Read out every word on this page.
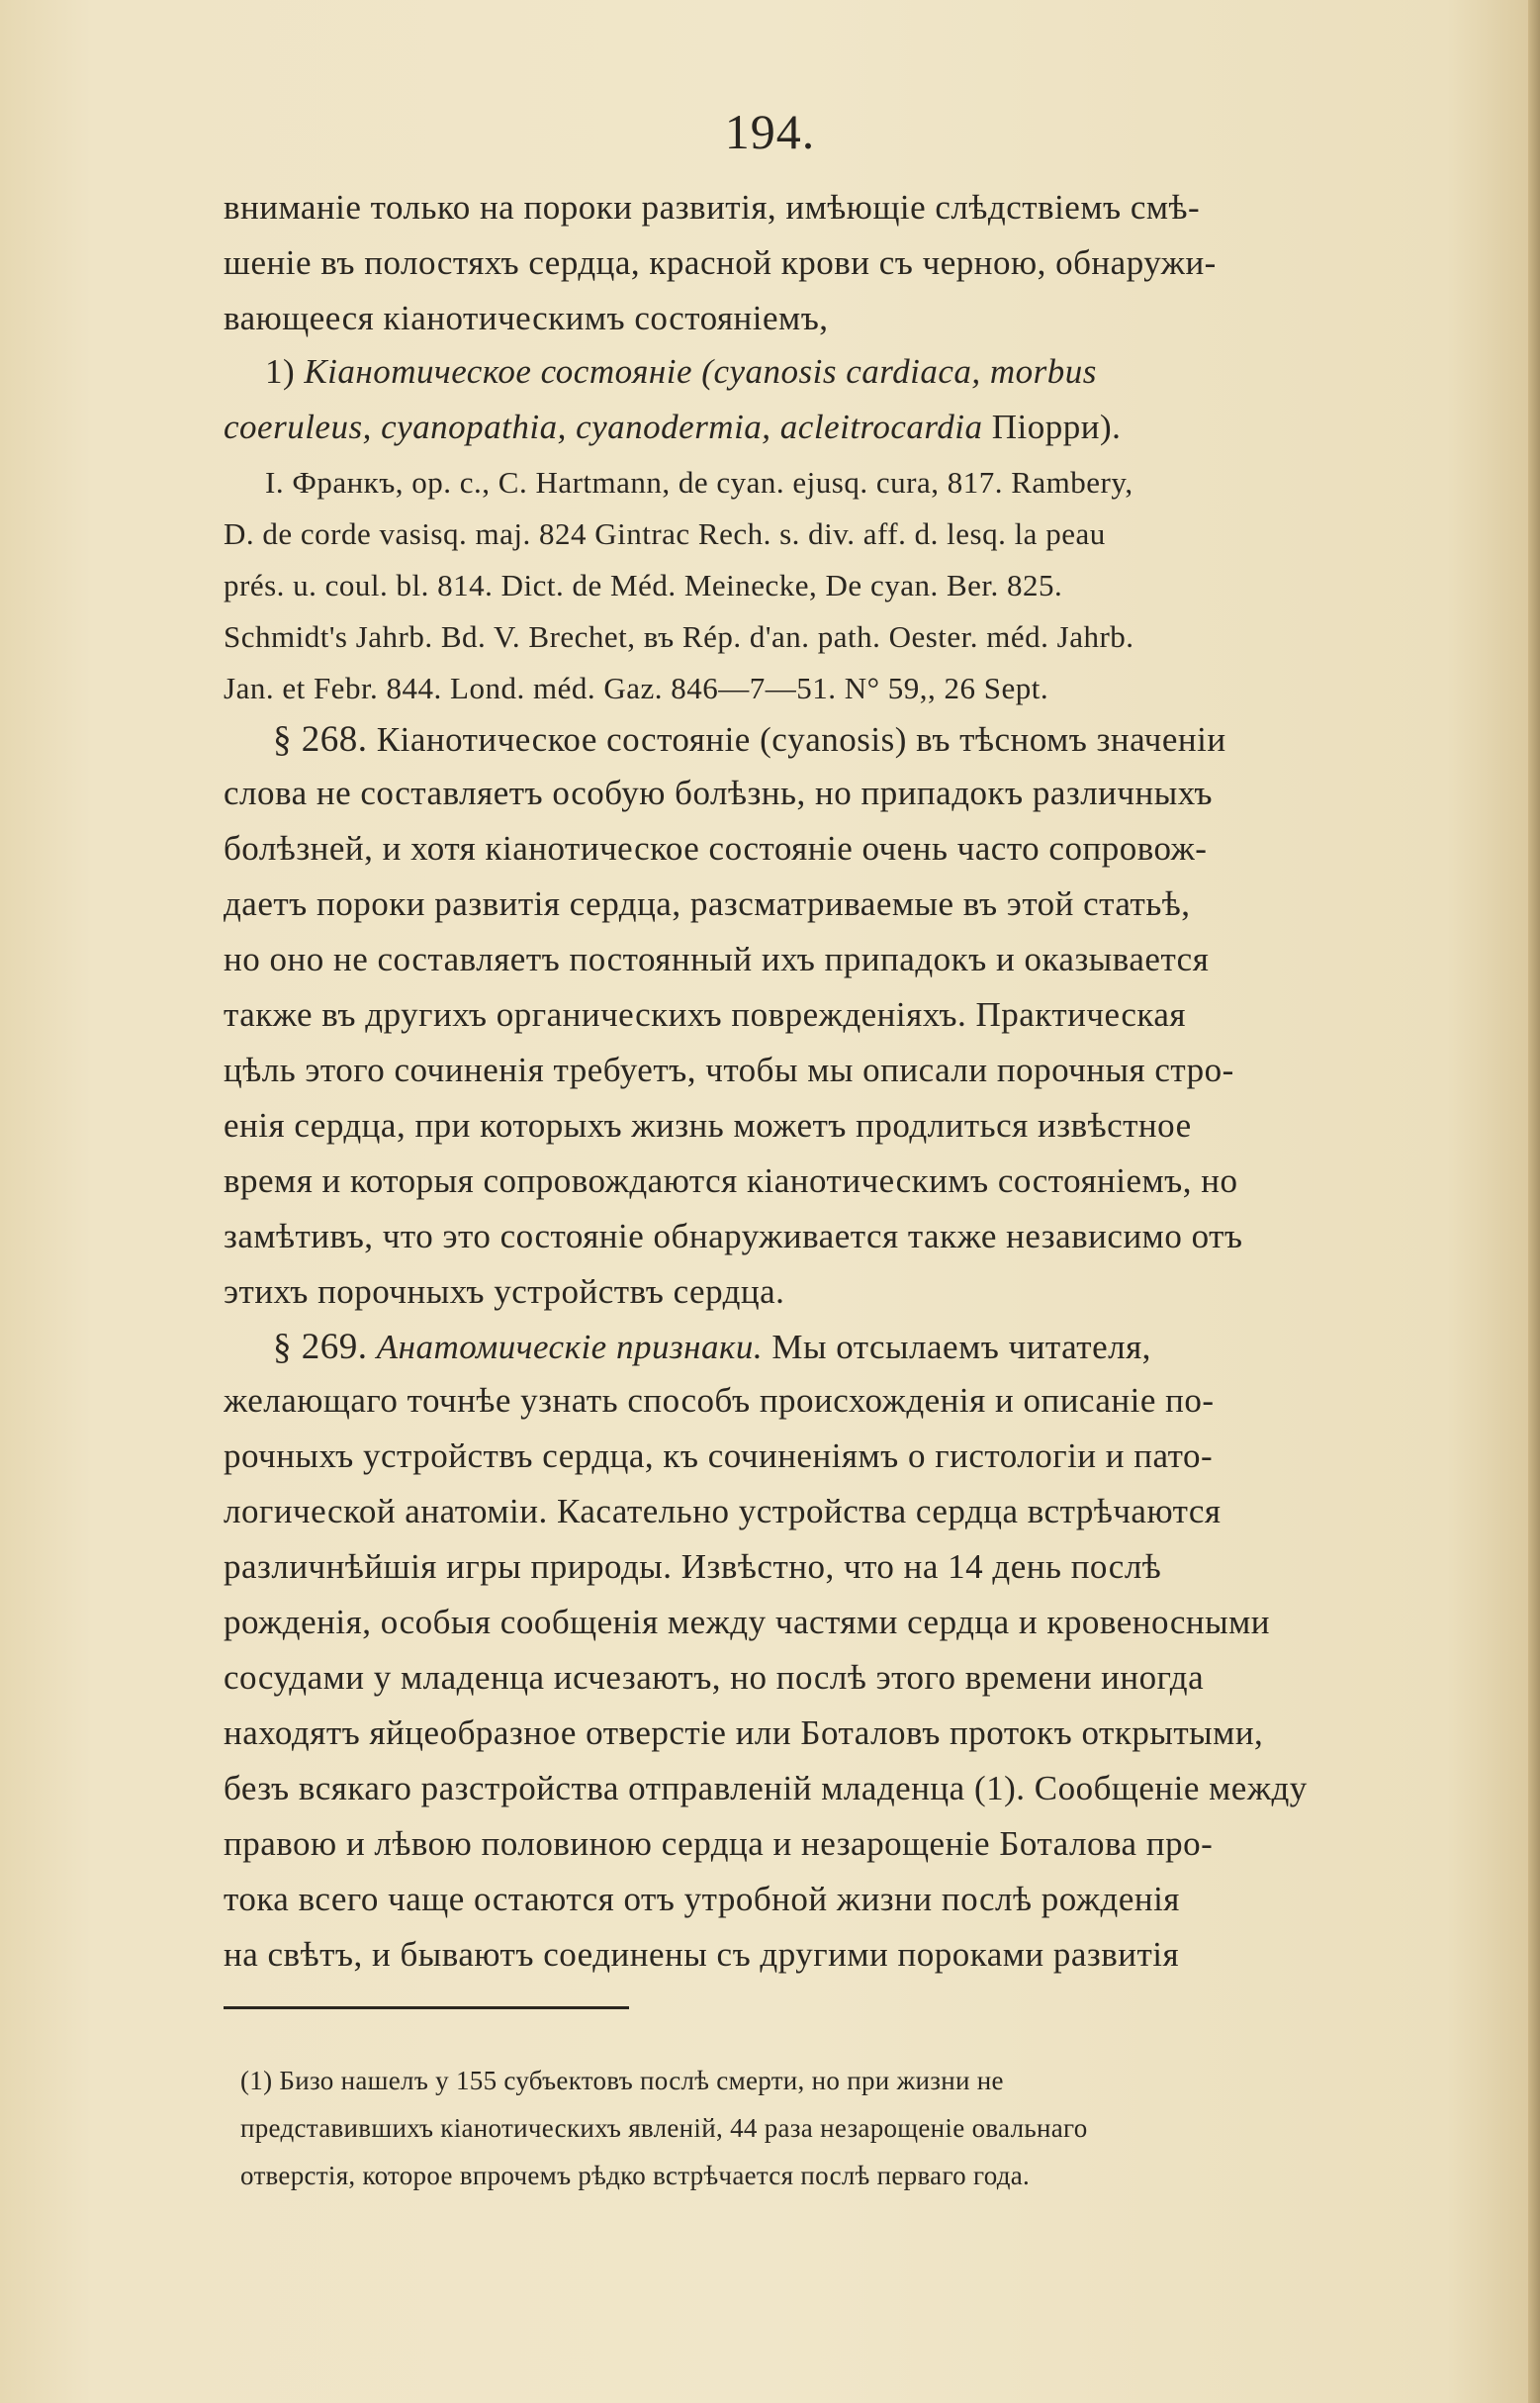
194.
вниманіе только на пороки развитія, имѣющіе слѣдствіемъ смѣ-
шеніе въ полостяхъ сердца, красной крови съ черною, обнаружи-
вающееся кіанотическимъ состояніемъ,
1) Кіанотическое состояніе (cyanosis cardiaca, morbus
coeruleus, cyanopathia, cyanodermia, acleitrocardia Піорри).
I. Франкъ, op. c., C. Hartmann, de cyan. ejusq. cura, 817. Rambery,
D. de corde vasisq. maj. 824 Gintrac Rech. s. div. aff. d. lesq. la peau
prés. u. coul. bl. 814. Dict. de Méd. Meinecke, De cyan. Ber. 825.
Schmidt's Jahrb. Bd. V. Brechet, въ Rép. d'an. path. Oester. méd. Jahrb.
Jan. et Febr. 844. Lond. méd. Gaz. 846—7—51. N° 59,, 26 Sept.
§ 268. Кіанотическое состояніе (cyanosis) въ тѣсномъ значеніи
слова не составляетъ особую болѣзнь, но припадокъ различныхъ
болѣзней, и хотя кіанотическое состояніе очень часто сопровож-
даетъ пороки развитія сердца, разсматриваемые въ этой статьѣ,
но оно не составляетъ постоянный ихъ припадокъ и оказывается
также въ другихъ органическихъ поврежденіяхъ. Практическая
цѣль этого сочиненія требуетъ, чтобы мы описали порочныя стро-
енія сердца, при которыхъ жизнь можетъ продлиться извѣстное
время и которыя сопровождаются кіанотическимъ состояніемъ, но
замѣтивъ, что это состояніе обнаруживается также независимо отъ
этихъ порочныхъ устройствъ сердца.
§ 269. Анатомическіе признаки. Мы отсылаемъ читателя,
желающаго точнѣе узнать способъ происхожденія и описаніе по-
рочныхъ устройствъ сердца, къ сочиненіямъ о гистологіи и пато-
логической анатоміи. Касательно устройства сердца встрѣчаются
различнѣйшія игры природы. Извѣстно, что на 14 день послѣ
рожденія, особыя сообщенія между частями сердца и кровеносными
сосудами у младенца исчезаютъ, но послѣ этого времени иногда
находятъ яйцеобразное отверстіе или Боталовъ протокъ открытыми,
безъ всякаго разстройства отправленій младенца (1). Сообщеніе между
правою и лѣвою половиною сердца и незарощеніе Боталова про-
тока всего чаще остаются отъ утробной жизни послѣ рожденія
на свѣтъ, и бываютъ соединены съ другими пороками развитія
(1) Бизо нашелъ у 155 субъектовъ послѣ смерти, но при жизни не
представившихъ кіанотическихъ явленій, 44 раза незарощеніе овальнаго
отверстія, которое впрочемъ рѣдко встрѣчается послѣ перваго года.
